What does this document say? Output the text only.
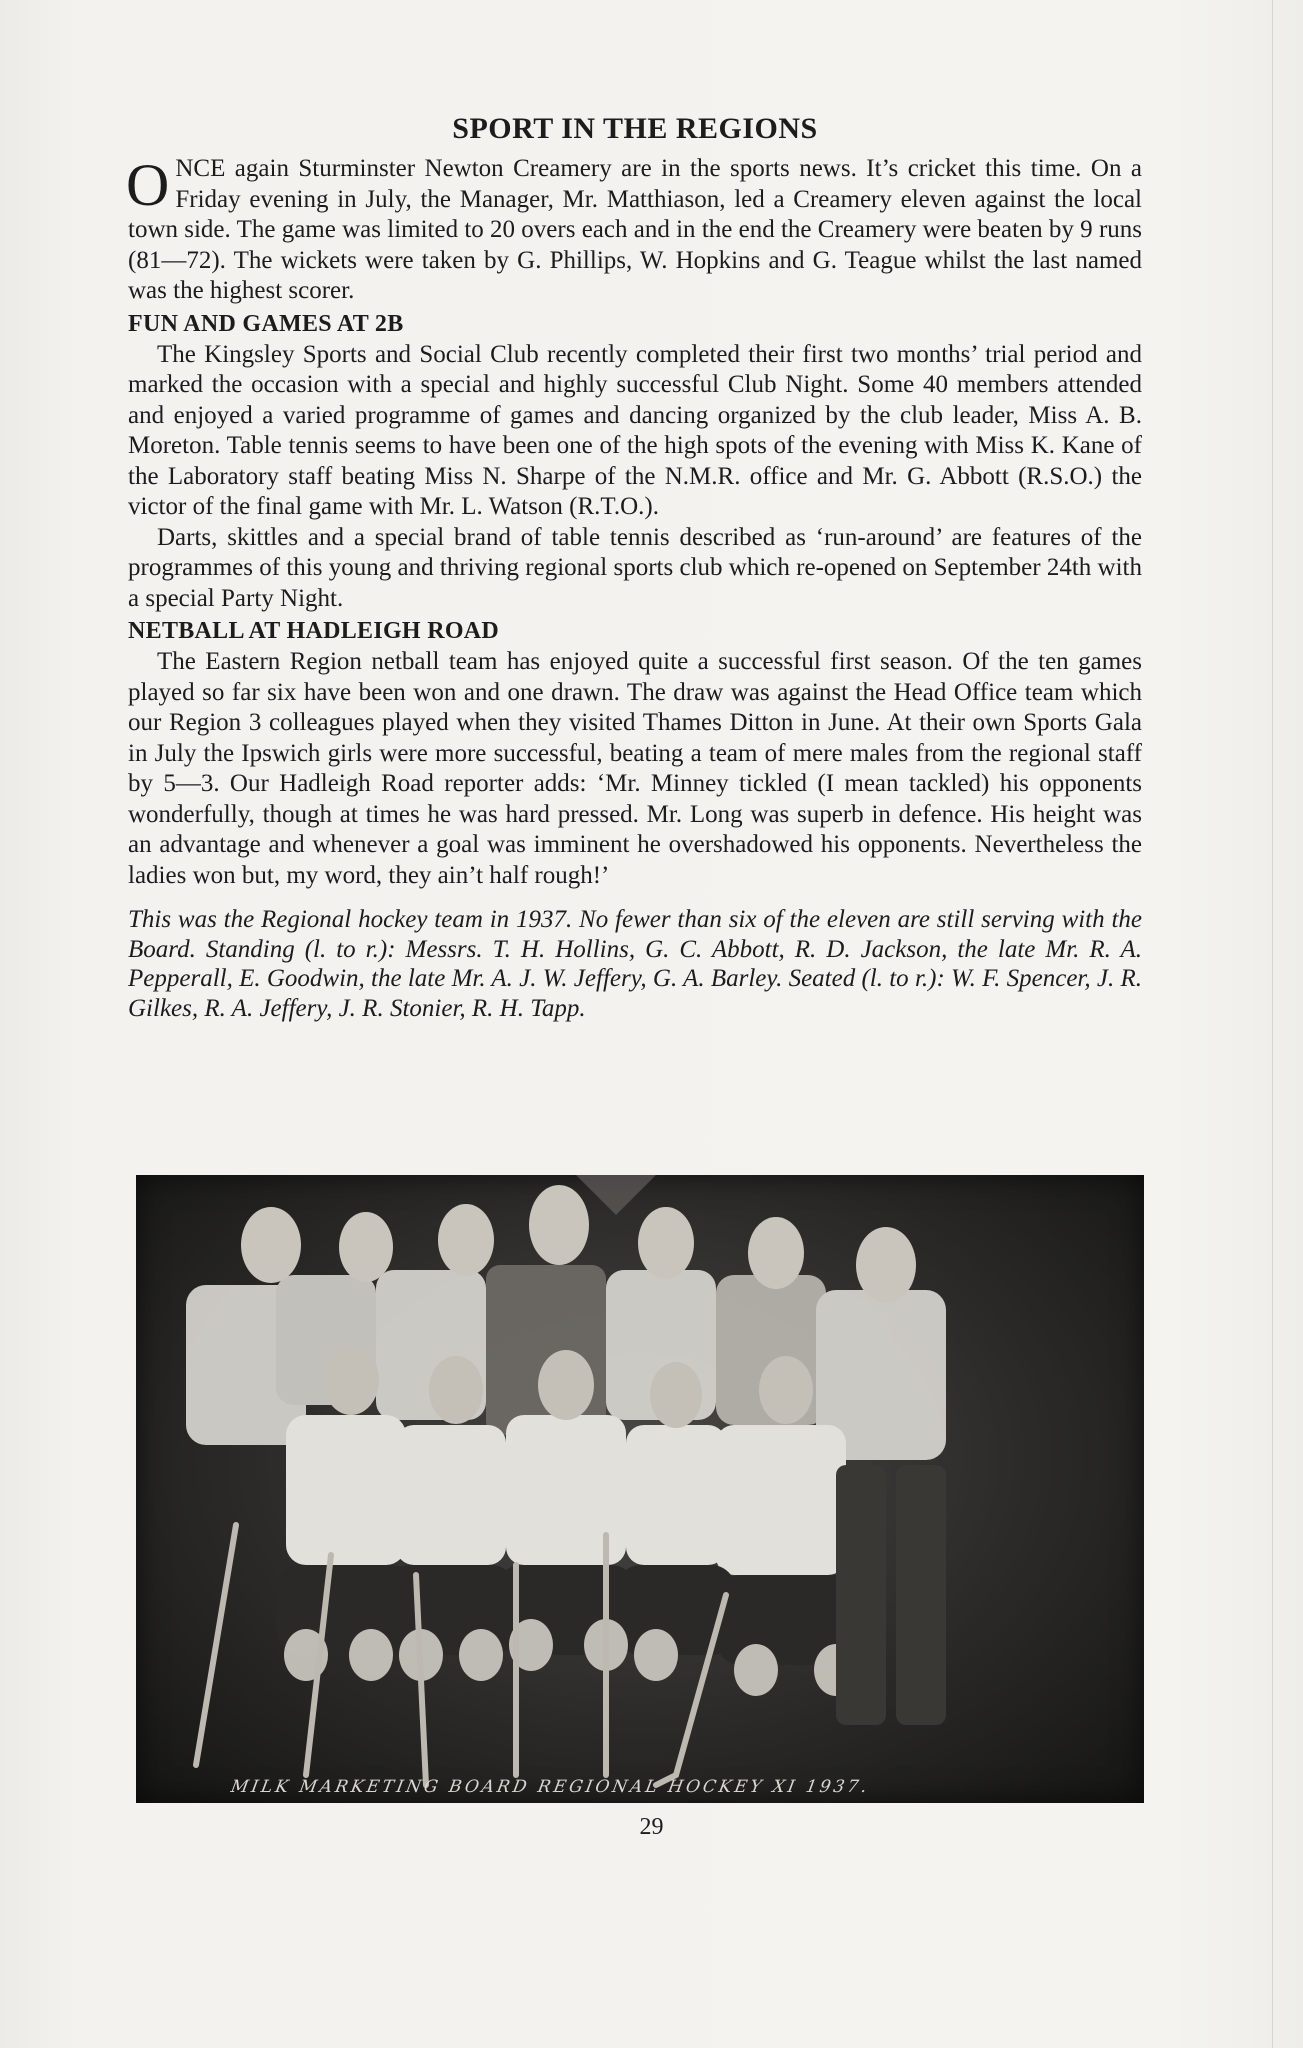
SPORT IN THE REGIONS

ONCE again Sturminster Newton Creamery are in the sports news. It’s cricket this time. On a Friday evening in July, the Manager, Mr. Matthiason, led a Creamery eleven against the local town side. The game was limited to 20 overs each and in the end the Creamery were beaten by 9 runs (81—72). The wickets were taken by G. Phillips, W. Hopkins and G. Teague whilst the last named was the highest scorer.

FUN AND GAMES AT 2B

The Kingsley Sports and Social Club recently completed their first two months’ trial period and marked the occasion with a special and highly successful Club Night. Some 40 members attended and enjoyed a varied programme of games and dancing organized by the club leader, Miss A. B. Moreton. Table tennis seems to have been one of the high spots of the evening with Miss K. Kane of the Laboratory staff beating Miss N. Sharpe of the N.M.R. office and Mr. G. Abbott (R.S.O.) the victor of the final game with Mr. L. Watson (R.T.O.).

Darts, skittles and a special brand of table tennis described as ‘run-around’ are features of the programmes of this young and thriving regional sports club which re-opened on September 24th with a special Party Night.

NETBALL AT HADLEIGH ROAD

The Eastern Region netball team has enjoyed quite a successful first season. Of the ten games played so far six have been won and one drawn. The draw was against the Head Office team which our Region 3 colleagues played when they visited Thames Ditton in June. At their own Sports Gala in July the Ipswich girls were more successful, beating a team of mere males from the regional staff by 5—3. Our Hadleigh Road reporter adds: ‘Mr. Minney tickled (I mean tackled) his opponents wonderfully, though at times he was hard pressed. Mr. Long was superb in defence. His height was an advantage and whenever a goal was imminent he overshadowed his opponents. Nevertheless the ladies won but, my word, they ain’t half rough!’

This was the Regional hockey team in 1937. No fewer than six of the eleven are still serving with the Board. Standing (l. to r.): Messrs. T. H. Hollins, G. C. Abbott, R. D. Jackson, the late Mr. R. A. Pepperall, E. Goodwin, the late Mr. A. J. W. Jeffery, G. A. Barley. Seated (l. to r.): W. F. Spencer, J. R. Gilkes, R. A. Jeffery, J. R. Stonier, R. H. Tapp.

MILK MARKETING BOARD REGIONAL HOCKEY XI 1937.
29
